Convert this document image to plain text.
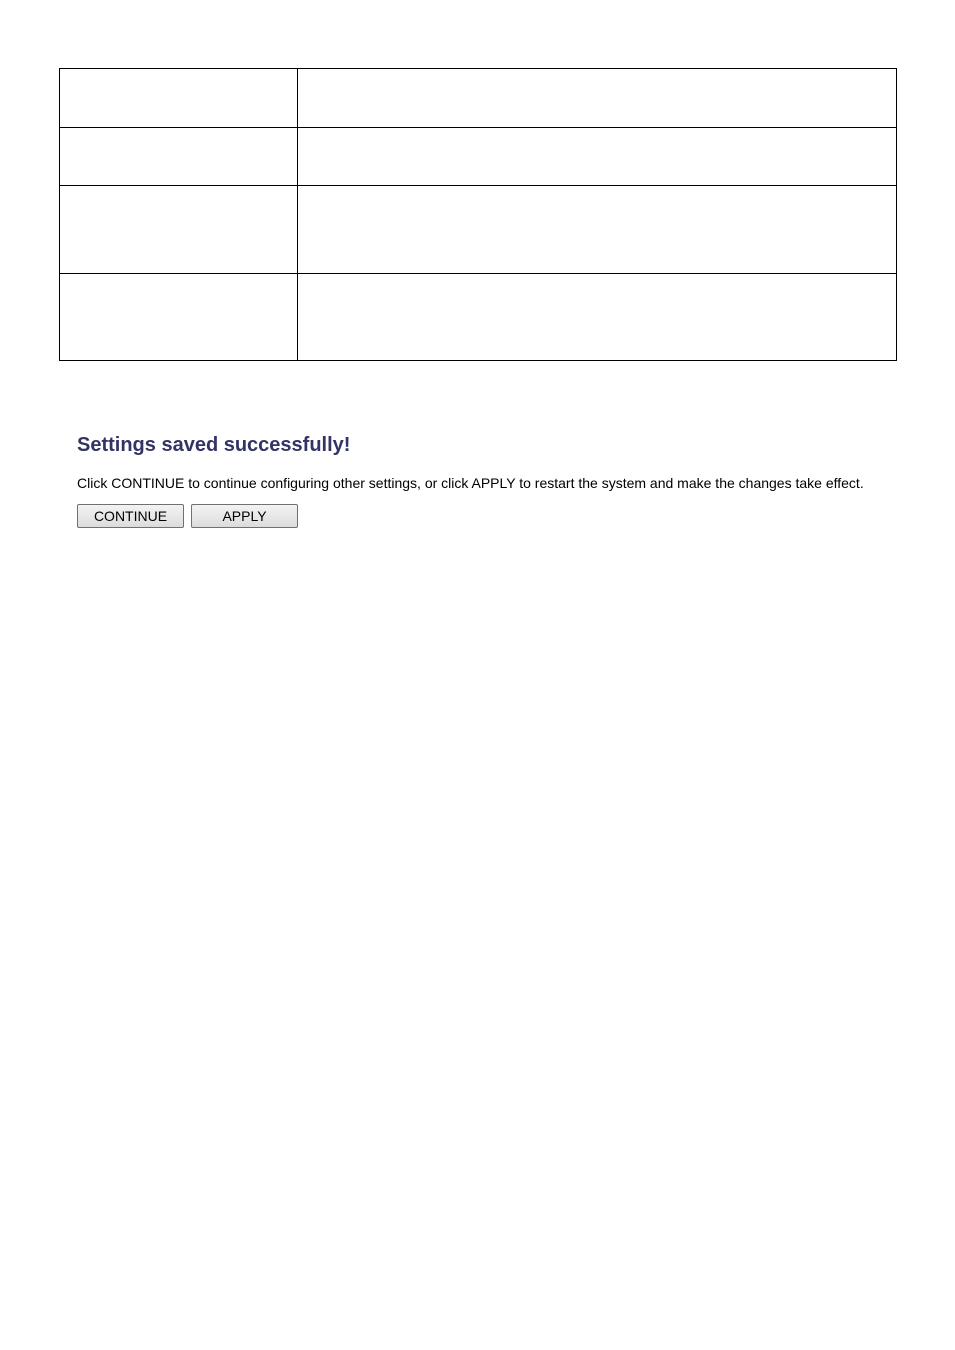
Settings saved successfully!

Click CONTINUE to continue configuring other settings, or click APPLY to restart the system and make the changes take effect.

CONTINUE	APPLY
